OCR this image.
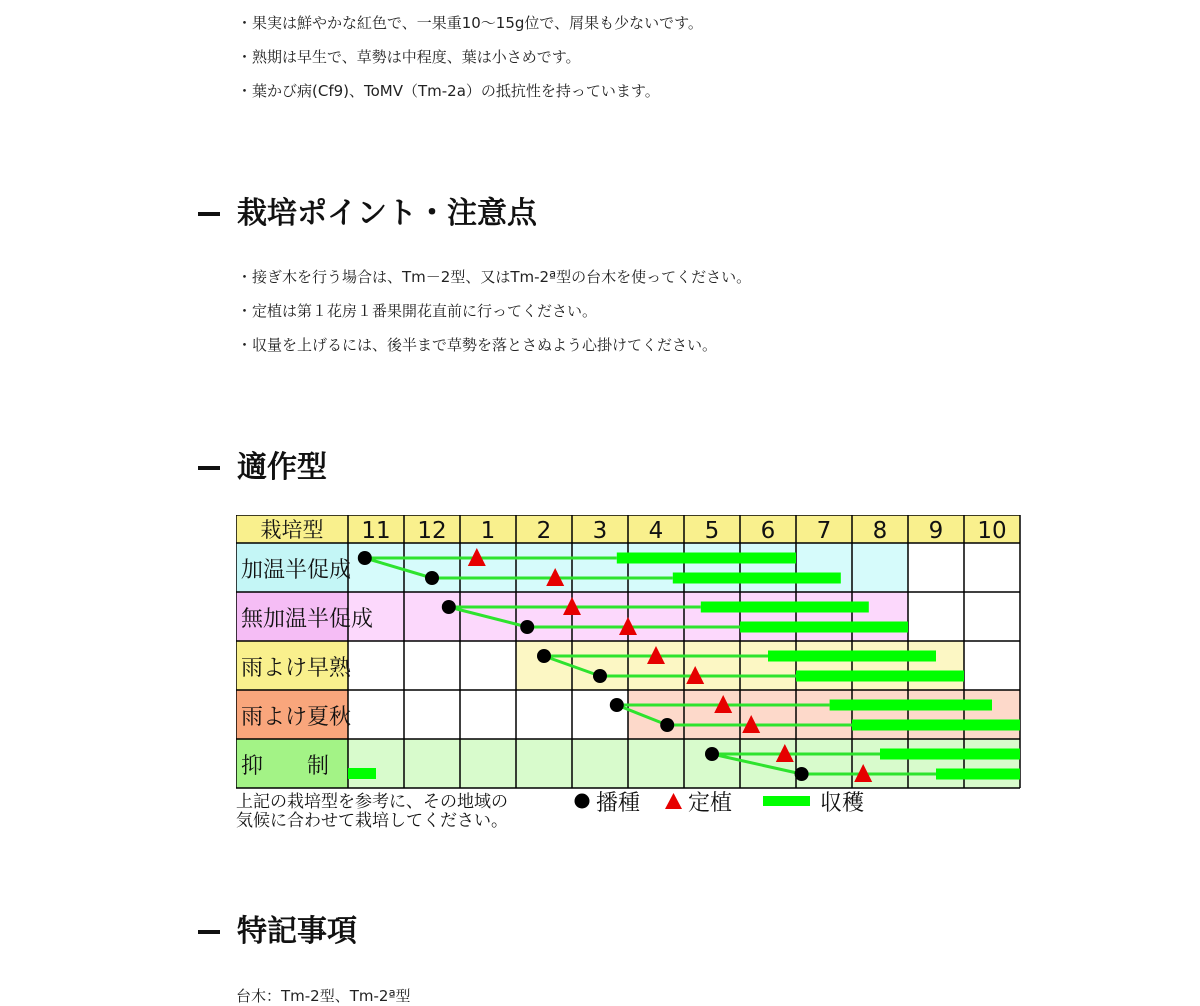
・果実は鮮やかな紅色で、一果重10～15g位で、屑果も少ないです。
・熟期は早生で、草勢は中程度、葉は小さめです。
・葉かび病(Cf9)、ToMV（Tm-2a）の抵抗性を持っています。
栽培ポイント・注意点
・接ぎ木を行う場合は、Tm－2型、又はTm-2ª型の台木を使ってください。
・定植は第１花房１番果開花直前に行ってください。
・収量を上げるには、後半まで草勢を落とさぬよう心掛けてください。
適作型
栽培型 11 12 1 2 3 4 5 6 7 8 9 10
加温半促成
無加温半促成
雨よけ早熟
雨よけ夏秋
抑　　制
上記の栽培型を参考に、その地域の
気候に合わせて栽培してください。
播種 定植	収穫
特記事項
台木：Tm-2型、Tm-2ª型
